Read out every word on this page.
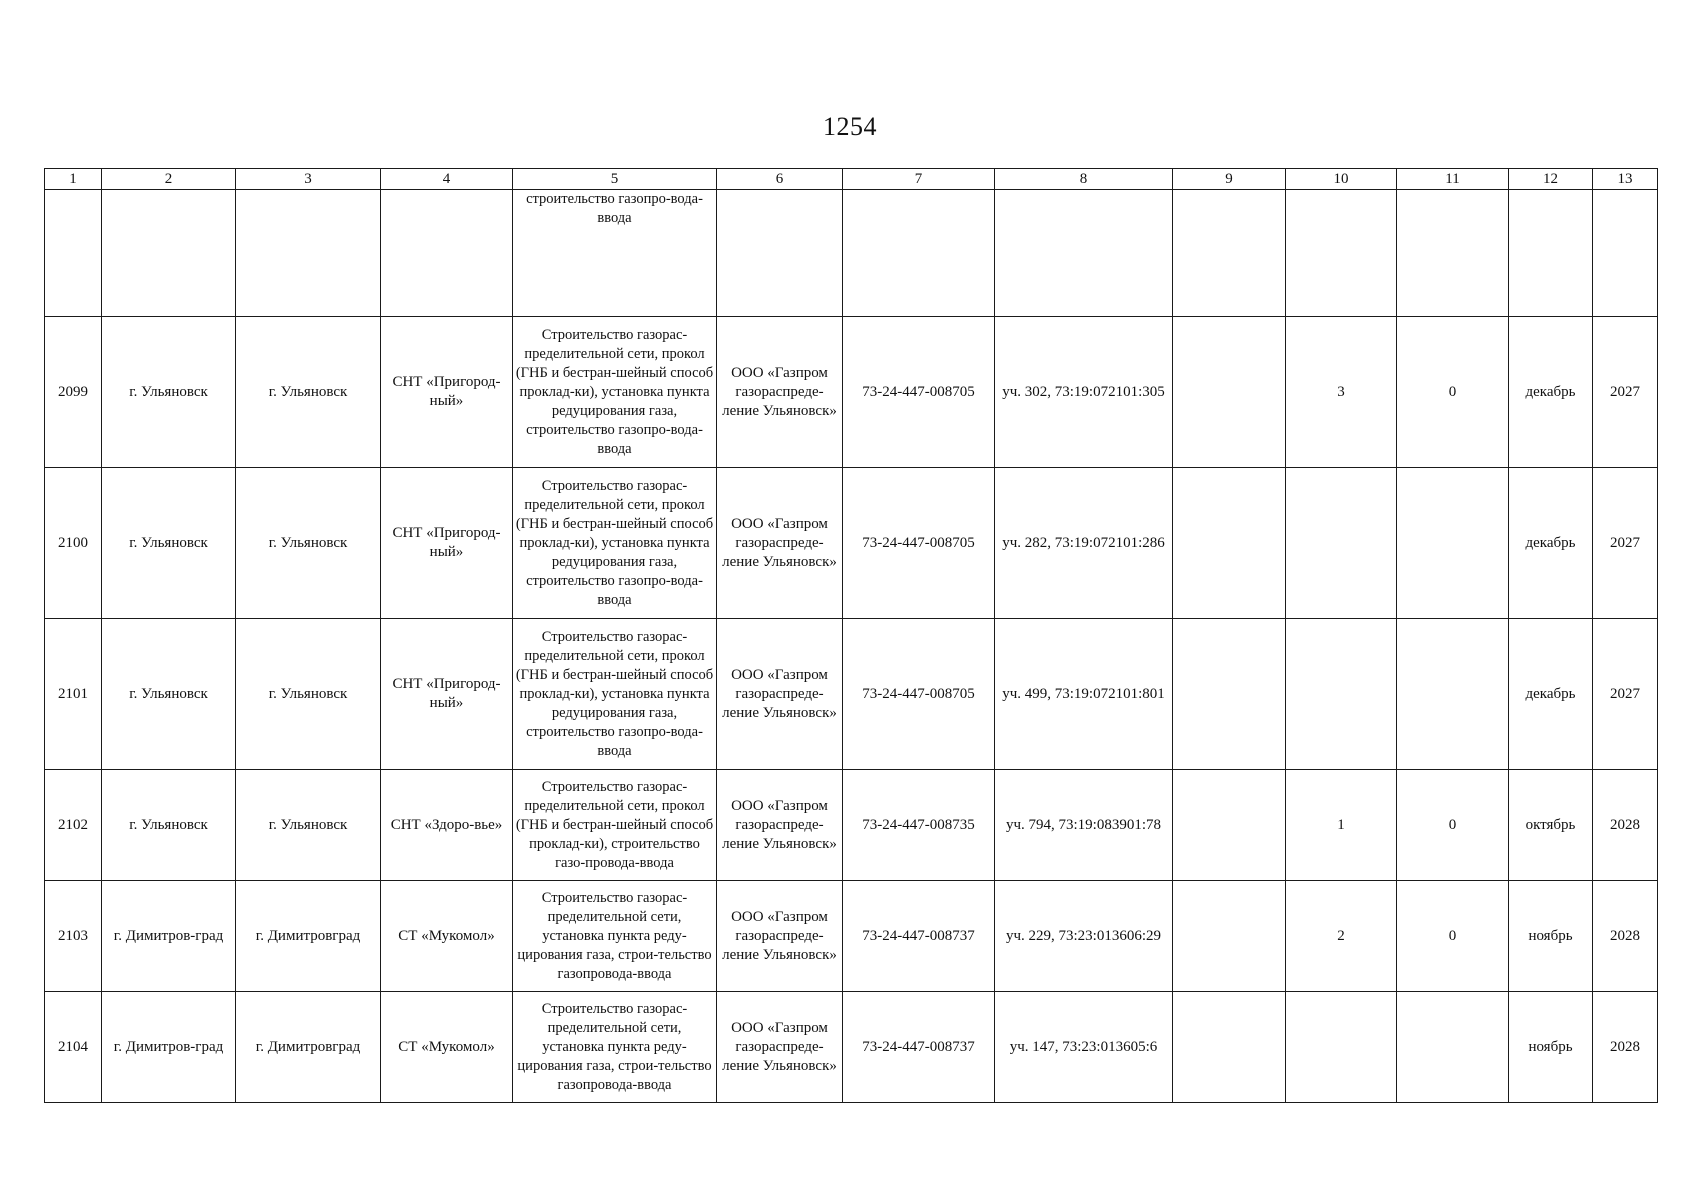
1254
1	2	3	4	5	6	7	8	9	10	11	12	13
				строительство газопро-вода-ввода								
2099	г. Ульяновск	г. Ульяновск	СНТ «Пригород-ный»	Строительство газорас-пределительной сети, прокол (ГНБ и бестран-шейный способ проклад-ки), установка пункта редуцирования газа, строительство газопро-вода-ввода	ООО «Газпром газораспреде-ление Ульяновск»	73-24-447-008705	уч. 302, 73:19:072101:305		3	0	декабрь	2027
2100	г. Ульяновск	г. Ульяновск	СНТ «Пригород-ный»	Строительство газорас-пределительной сети, прокол (ГНБ и бестран-шейный способ проклад-ки), установка пункта редуцирования газа, строительство газопро-вода-ввода	ООО «Газпром газораспреде-ление Ульяновск»	73-24-447-008705	уч. 282, 73:19:072101:286				декабрь	2027
2101	г. Ульяновск	г. Ульяновск	СНТ «Пригород-ный»	Строительство газорас-пределительной сети, прокол (ГНБ и бестран-шейный способ проклад-ки), установка пункта редуцирования газа, строительство газопро-вода-ввода	ООО «Газпром газораспреде-ление Ульяновск»	73-24-447-008705	уч. 499, 73:19:072101:801				декабрь	2027
2102	г. Ульяновск	г. Ульяновск	СНТ «Здоро-вье»	Строительство газорас-пределительной сети, прокол (ГНБ и бестран-шейный способ проклад-ки), строительство газо-провода-ввода	ООО «Газпром газораспреде-ление Ульяновск»	73-24-447-008735	уч. 794, 73:19:083901:78		1	0	октябрь	2028
2103	г. Димитров-град	г. Димитровград	СТ «Мукомол»	Строительство газорас-пределительной сети, установка пункта реду-цирования газа, строи-тельство газопровода-ввода	ООО «Газпром газораспреде-ление Ульяновск»	73-24-447-008737	уч. 229, 73:23:013606:29		2	0	ноябрь	2028
2104	г. Димитров-град	г. Димитровград	СТ «Мукомол»	Строительство газорас-пределительной сети, установка пункта реду-цирования газа, строи-тельство газопровода-ввода	ООО «Газпром газораспреде-ление Ульяновск»	73-24-447-008737	уч. 147, 73:23:013605:6				ноябрь	2028
